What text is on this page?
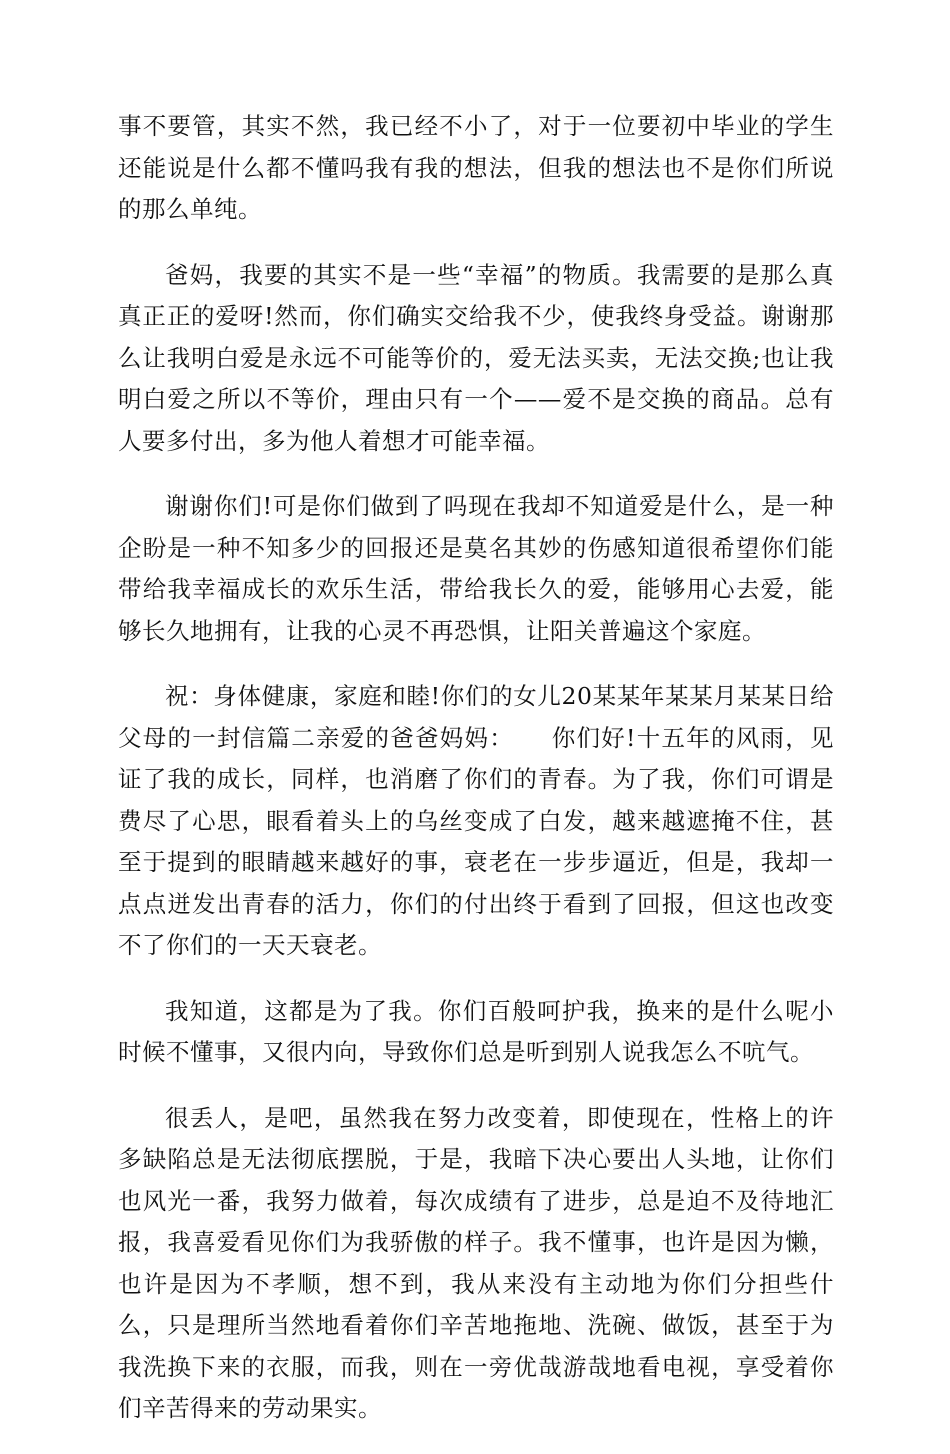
事不要管，其实不然，我已经不小了，对于一位要初中毕业的学生还能说是什么都不懂吗我有我的想法，但我的想法也不是你们所说的那么单纯。

爸妈，我要的其实不是一些“幸福”的物质。我需要的是那么真真正正的爱呀!然而，你们确实交给我不少，使我终身受益。谢谢那么让我明白爱是永远不可能等价的，爱无法买卖，无法交换;也让我明白爱之所以不等价，理由只有一个——爱不是交换的商品。总有人要多付出，多为他人着想才可能幸福。

谢谢你们!可是你们做到了吗现在我却不知道爱是什么，是一种企盼是一种不知多少的回报还是莫名其妙的伤感知道很希望你们能带给我幸福成长的欢乐生活，带给我长久的爱，能够用心去爱，能够长久地拥有，让我的心灵不再恐惧，让阳关普遍这个家庭。

祝：身体健康，家庭和睦!你们的女儿20某某年某某月某某日给父母的一封信篇二亲爱的爸爸妈妈：　　你们好!十五年的风雨，见证了我的成长，同样，也消磨了你们的青春。为了我，你们可谓是费尽了心思，眼看着头上的乌丝变成了白发，越来越遮掩不住，甚至于提到的眼睛越来越好的事，衰老在一步步逼近，但是，我却一点点迸发出青春的活力，你们的付出终于看到了回报，但这也改变不了你们的一天天衰老。

我知道，这都是为了我。你们百般呵护我，换来的是什么呢小时候不懂事，又很内向，导致你们总是听到别人说我怎么不吭气。

很丢人，是吧，虽然我在努力改变着，即使现在，性格上的许多缺陷总是无法彻底摆脱，于是，我暗下决心要出人头地，让你们也风光一番，我努力做着，每次成绩有了进步，总是迫不及待地汇报，我喜爱看见你们为我骄傲的样子。我不懂事，也许是因为懒，也许是因为不孝顺，想不到，我从来没有主动地为你们分担些什么，只是理所当然地看着你们辛苦地拖地、洗碗、做饭，甚至于为我洗换下来的衣服，而我，则在一旁优哉游哉地看电视，享受着你们辛苦得来的劳动果实。
